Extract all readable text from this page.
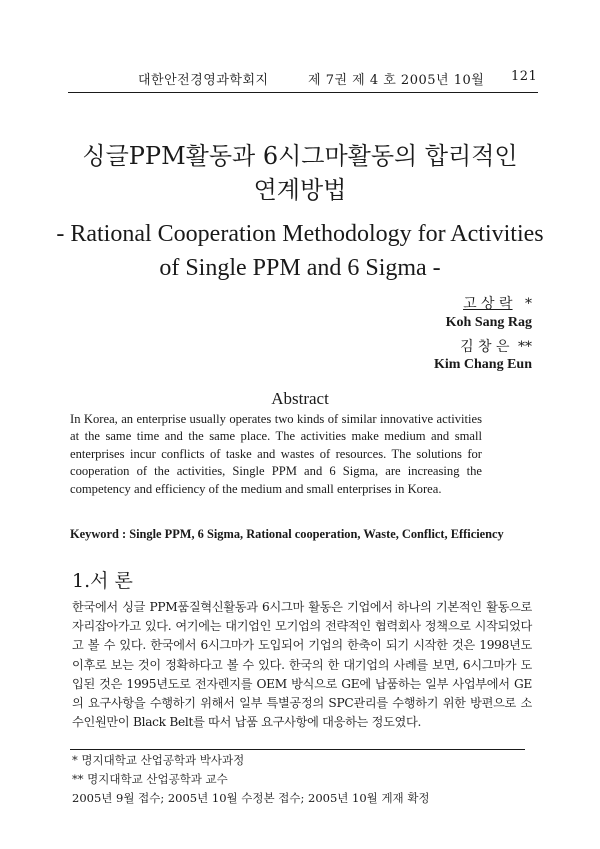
대한안전경영과학회지	제 7권 제 4 호 2005년 10월 121
싱글PPM활동과 6시그마활동의 합리적인
연계방법
- Rational Cooperation Methodology for Activities
of Single PPM and 6 Sigma -
고 상 락 *
Koh Sang Rag
김 창 은 **
Kim Chang Eun
Abstract
In Korea, an enterprise usually operates two kinds of similar innovative activities at the same time and the same place. The activities make medium and small enterprises incur conflicts of taske and wastes of resources. The solutions for cooperation of the activities, Single PPM and 6 Sigma, are increasing the competency and efficiency of the medium and small enterprises in Korea.
Keyword : Single PPM, 6 Sigma, Rational cooperation, Waste, Conflict, Efficiency
1.서 론
한국에서 싱글 PPM품질혁신활동과 6시그마 활동은 기업에서 하나의 기본적인 활동으로 자리잡아가고 있다. 여기에는 대기업인 모기업의 전략적인 협력회사 정책으로 시작되었다고 볼 수 있다. 한국에서 6시그마가 도입되어 기업의 한축이 되기 시작한 것은 1998년도 이후로 보는 것이 정확하다고 볼 수 있다. 한국의 한 대기업의 사례를 보면, 6시그마가 도입된 것은 1995년도로 전자렌지를 OEM 방식으로 GE에 납품하는 일부 사업부에서 GE의 요구사항을 수행하기 위해서 일부 특별공정의 SPC관리를 수행하기 위한 방편으로 소수인원만이 Black Belt를 따서 납품 요구사항에 대응하는 정도였다.
* 명지대학교 산업공학과 박사과정
** 명지대학교 산업공학과 교수
2005년 9월 접수; 2005년 10월 수정본 접수; 2005년 10월 게재 확정
